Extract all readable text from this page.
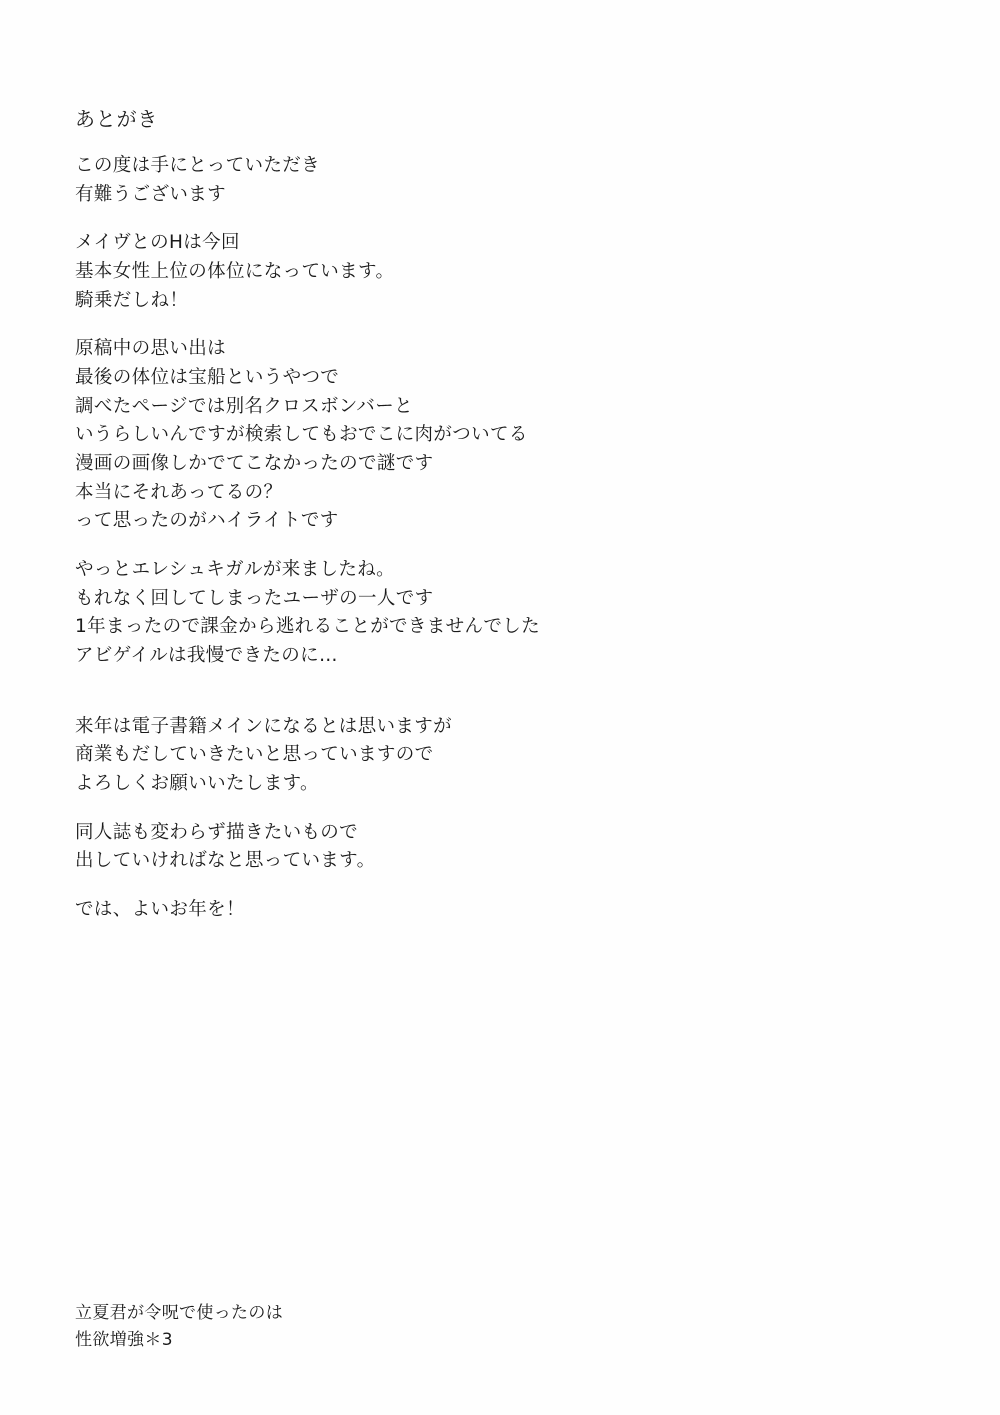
あとがき

この度は手にとっていただき

有難うございます

メイヴとのHは今回

基本女性上位の体位になっています。

騎乗だしね！

原稿中の思い出は

最後の体位は宝船というやつで

調べたページでは別名クロスボンバーと

いうらしいんですが検索してもおでこに肉がついてる

漫画の画像しかでてこなかったので謎です

本当にそれあってるの？

って思ったのがハイライトです

やっとエレシュキガルが来ましたね。

もれなく回してしまったユーザの一人です

1年まったので課金から逃れることができませんでした

アビゲイルは我慢できたのに…

来年は電子書籍メインになるとは思いますが

商業もだしていきたいと思っていますので

よろしくお願いいたします。

同人誌も変わらず描きたいもので

出していければなと思っています。

では、よいお年を！

立夏君が令呪で使ったのは

性欲増強＊3
